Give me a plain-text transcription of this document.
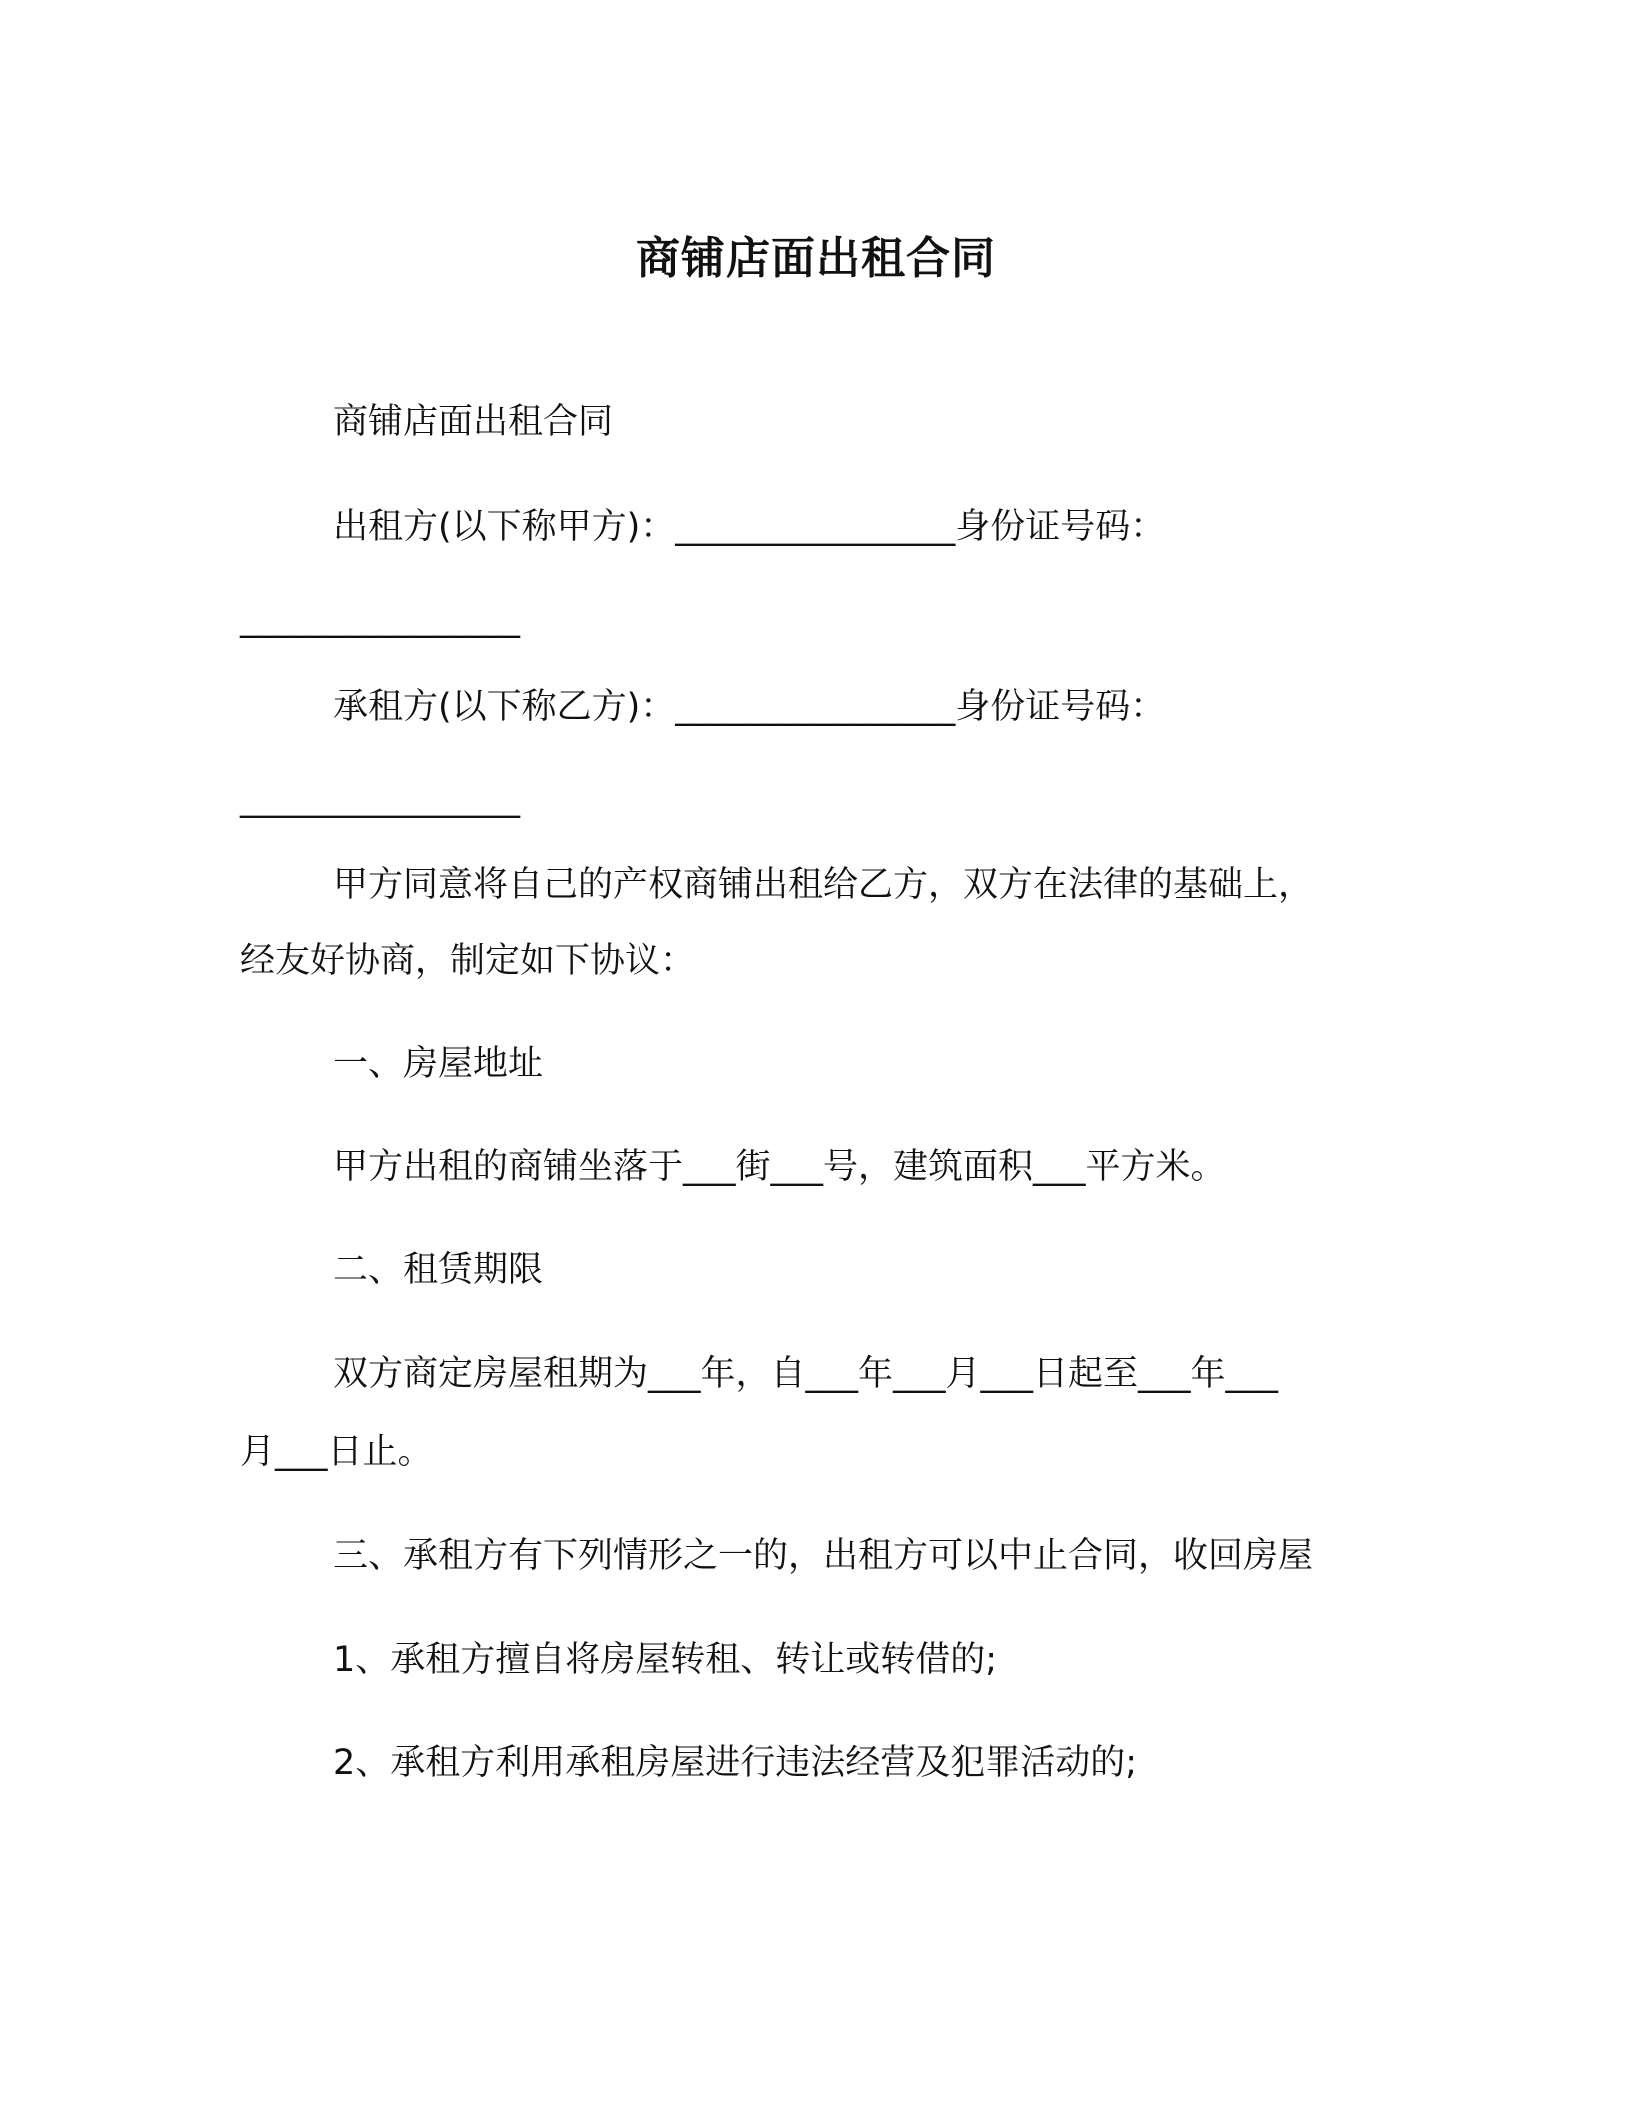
商铺店面出租合同
商铺店面出租合同
出租方(以下称甲方)：________________身份证号码：
________________
承租方(以下称乙方)：________________身份证号码：
________________
甲方同意将自己的产权商铺出租给乙方，双方在法律的基础上，
经友好协商，制定如下协议：
一、房屋地址
甲方出租的商铺坐落于___街___号，建筑面积___平方米。
二、租赁期限
双方商定房屋租期为___年，自___年___月___日起至___年___
月___日止。
三、承租方有下列情形之一的，出租方可以中止合同，收回房屋
1、承租方擅自将房屋转租、转让或转借的;
2、承租方利用承租房屋进行违法经营及犯罪活动的;
